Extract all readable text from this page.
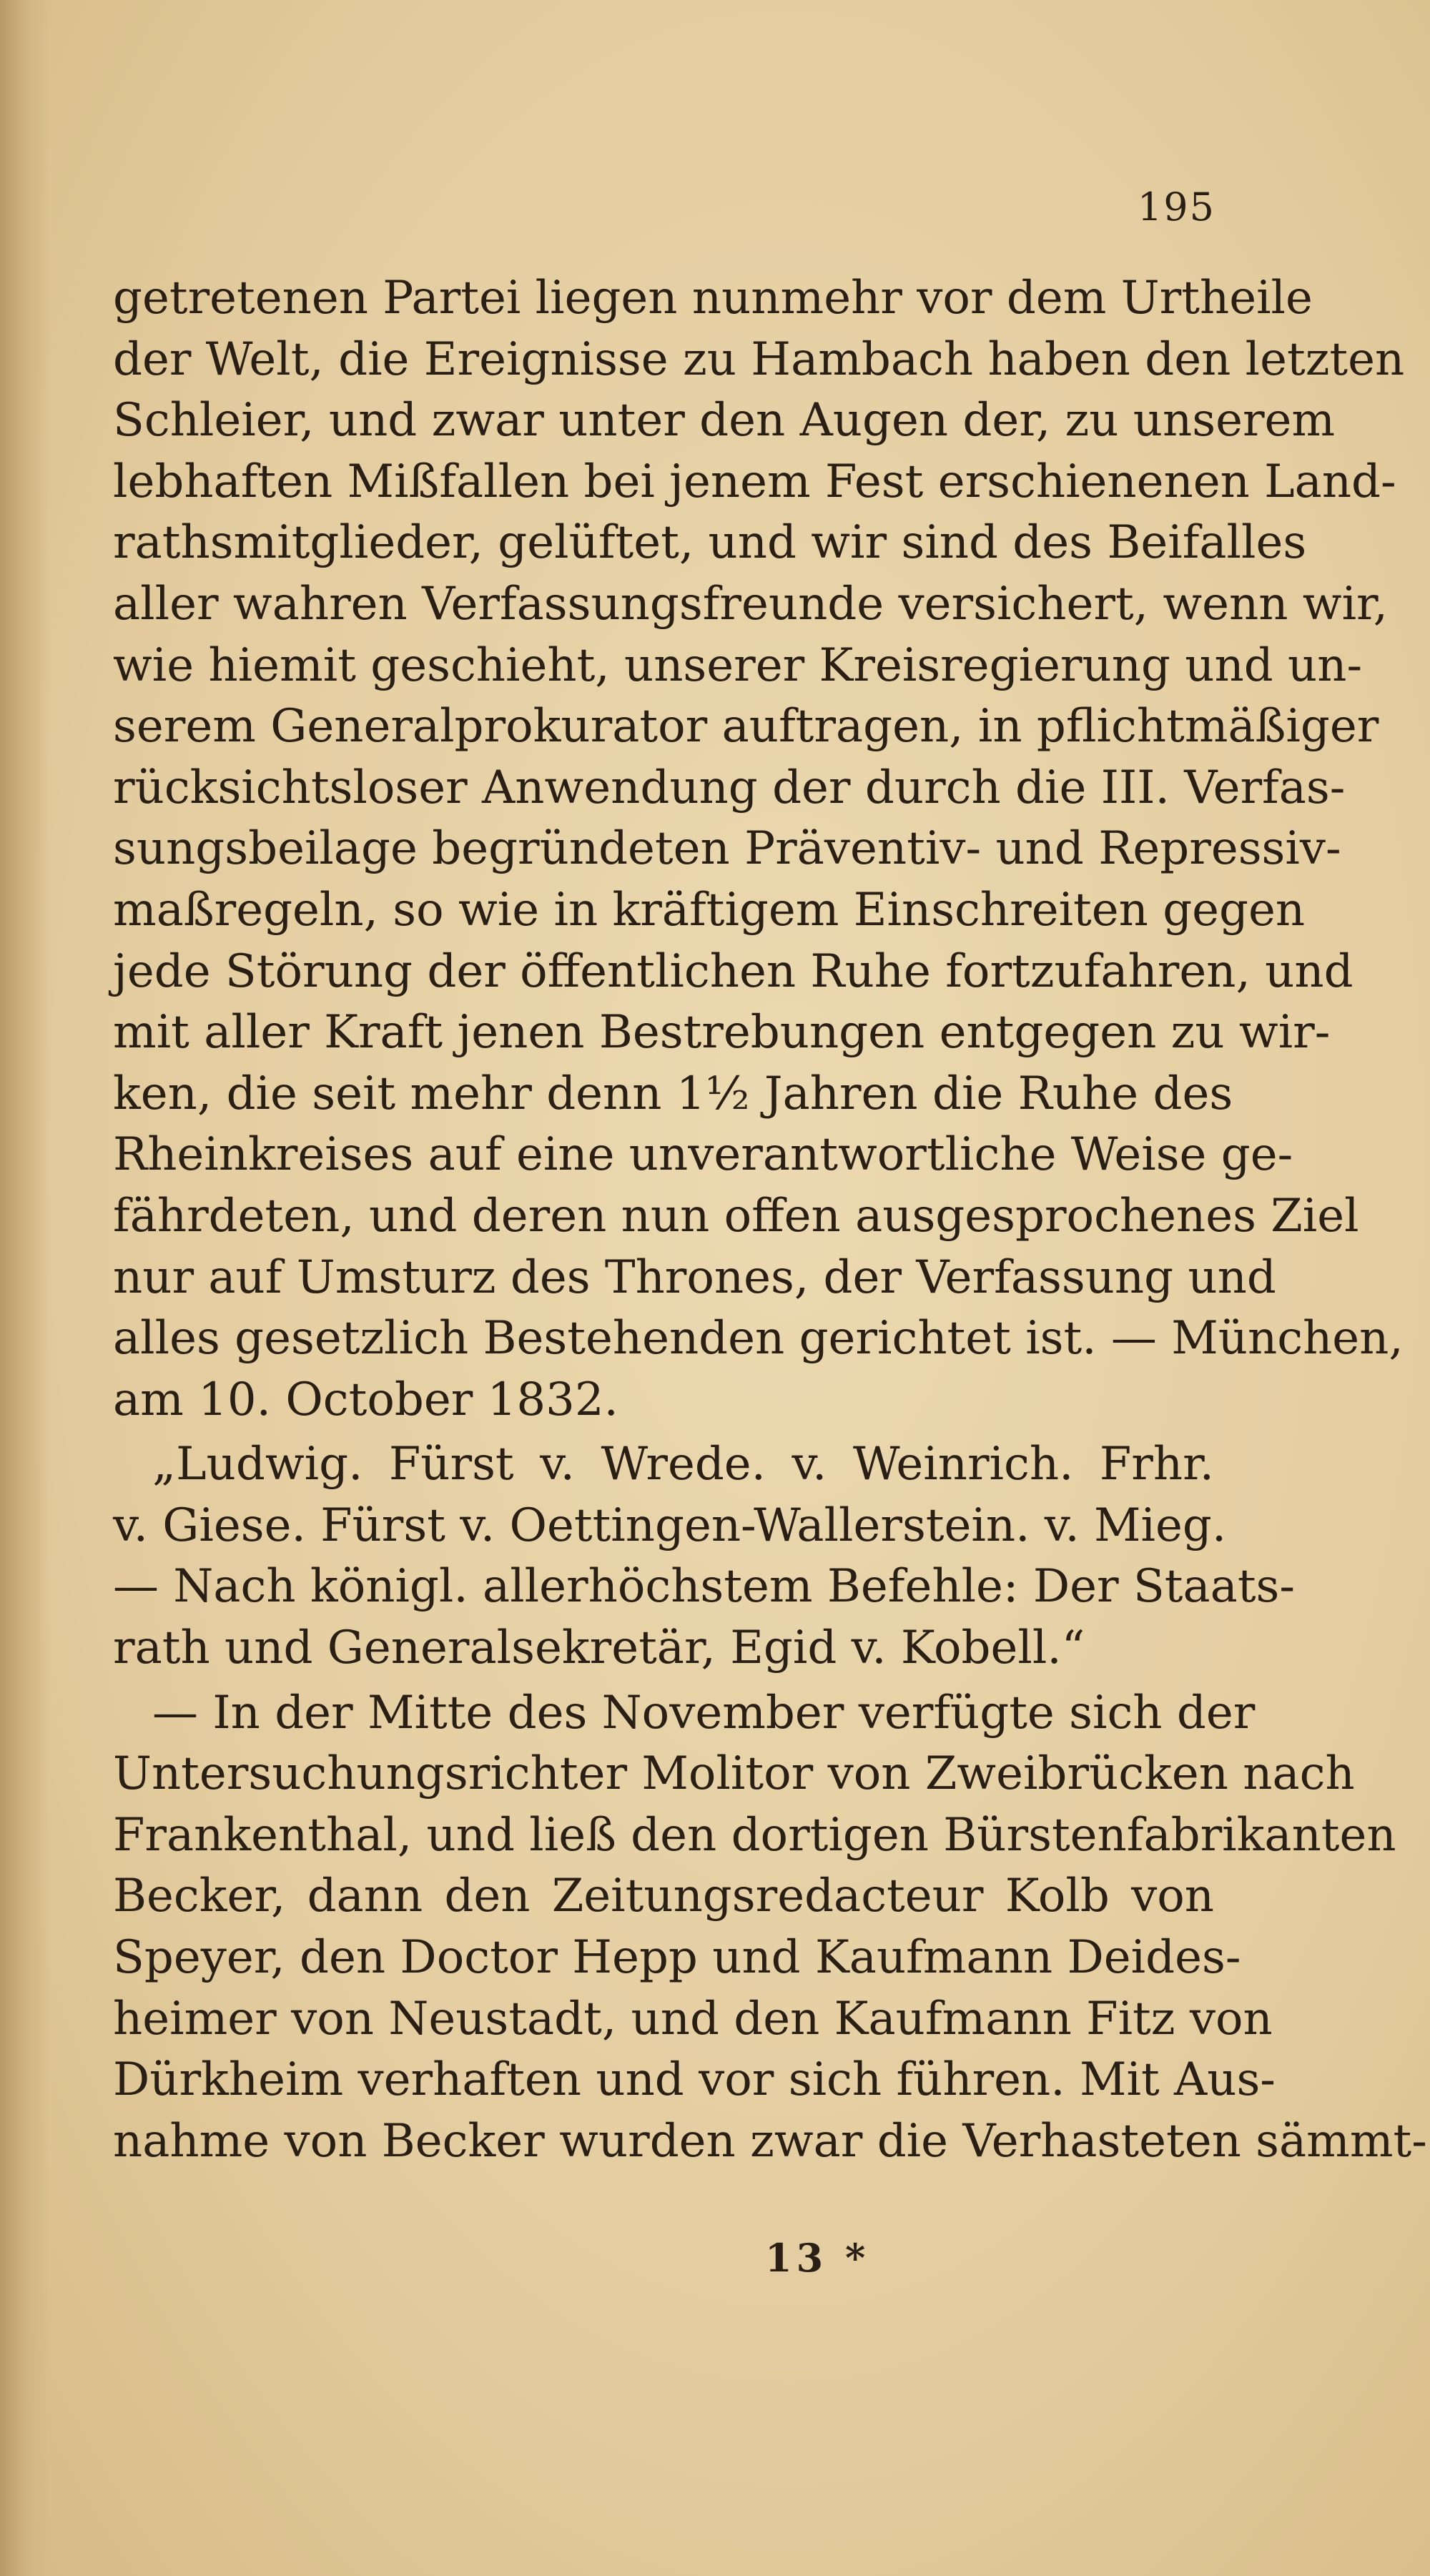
195
getretenen Partei liegen nunmehr vor dem Urtheile
der Welt, die Ereignisse zu Hambach haben den letzten
Schleier, und zwar unter den Augen der, zu unserem
lebhaften Mißfallen bei jenem Fest erschienenen Land-
rathsmitglieder, gelüftet, und wir sind des Beifalles
aller wahren Verfassungsfreunde versichert, wenn wir,
wie hiemit geschieht, unserer Kreisregierung und un-
serem Generalprokurator auftragen, in pflichtmäßiger
rücksichtsloser Anwendung der durch die III. Verfas-
sungsbeilage begründeten Präventiv- und Repressiv-
maßregeln, so wie in kräftigem Einschreiten gegen
jede Störung der öffentlichen Ruhe fortzufahren, und
mit aller Kraft jenen Bestrebungen entgegen zu wir-
ken, die seit mehr denn 1½ Jahren die Ruhe des
Rheinkreises auf eine unverantwortliche Weise ge-
fährdeten, und deren nun offen ausgesprochenes Ziel
nur auf Umsturz des Thrones, der Verfassung und
alles gesetzlich Bestehenden gerichtet ist. — München,
am 10. October 1832.
„Ludwig. Fürst v. Wrede. v. Weinrich. Frhr.
v. Giese. Fürst v. Oettingen-Wallerstein. v. Mieg.
— Nach königl. allerhöchstem Befehle: Der Staats-
rath und Generalsekretär, Egid v. Kobell.“
— In der Mitte des November verfügte sich der
Untersuchungsrichter Molitor von Zweibrücken nach
Frankenthal, und ließ den dortigen Bürstenfabrikanten
Becker, dann den Zeitungsredacteur Kolb von
Speyer, den Doctor Hepp und Kaufmann Deides-
heimer von Neustadt, und den Kaufmann Fitz von
Dürkheim verhaften und vor sich führen. Mit Aus-
nahme von Becker wurden zwar die Verhasteten sämmt-
13 *
